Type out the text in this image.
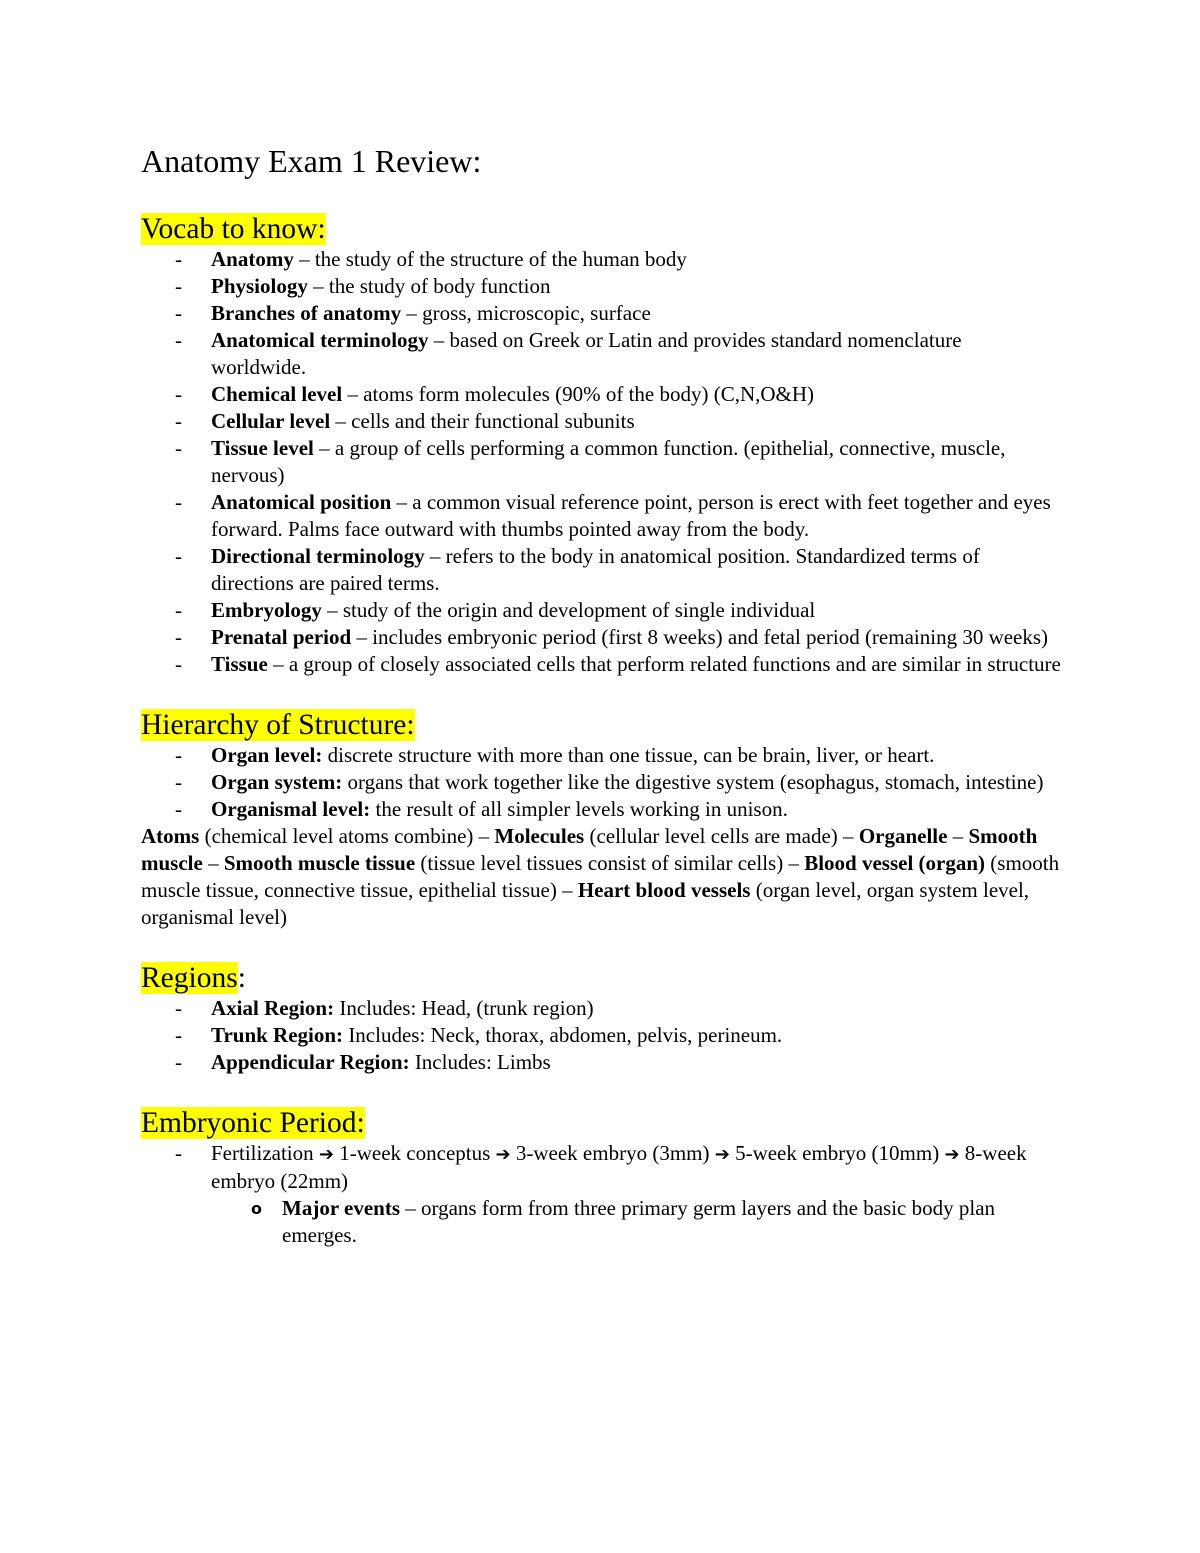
Anatomy Exam 1 Review:
Vocab to know:
- Anatomy – the study of the structure of the human body
- Physiology – the study of body function
- Branches of anatomy – gross, microscopic, surface
- Anatomical terminology – based on Greek or Latin and provides standard nomenclature worldwide.
- Chemical level – atoms form molecules (90% of the body) (C,N,O&H)
- Cellular level – cells and their functional subunits
- Tissue level – a group of cells performing a common function. (epithelial, connective, muscle, nervous)
- Anatomical position – a common visual reference point, person is erect with feet together and eyes forward. Palms face outward with thumbs pointed away from the body.
- Directional terminology – refers to the body in anatomical position. Standardized terms of directions are paired terms.
- Embryology – study of the origin and development of single individual
- Prenatal period – includes embryonic period (first 8 weeks) and fetal period (remaining 30 weeks)
- Tissue – a group of closely associated cells that perform related functions and are similar in structure
Hierarchy of Structure:
- Organ level: discrete structure with more than one tissue, can be brain, liver, or heart.
- Organ system: organs that work together like the digestive system (esophagus, stomach, intestine)
- Organismal level: the result of all simpler levels working in unison.

Atoms (chemical level atoms combine) – Molecules (cellular level cells are made) – Organelle – Smooth muscle – Smooth muscle tissue (tissue level tissues consist of similar cells) – Blood vessel (organ) (smooth muscle tissue, connective tissue, epithelial tissue) – Heart blood vessels (organ level, organ system level, organismal level)

Regions:
- Axial Region: Includes: Head, (trunk region)
- Trunk Region: Includes: Neck, thorax, abdomen, pelvis, perineum.
- Appendicular Region: Includes: Limbs
Embryonic Period:
- Fertilization ➔ 1-week conceptus ➔ 3-week embryo (3mm) ➔ 5-week embryo (10mm) ➔ 8-week embryo (22mm)
o Major events – organs form from three primary germ layers and the basic body plan emerges.
